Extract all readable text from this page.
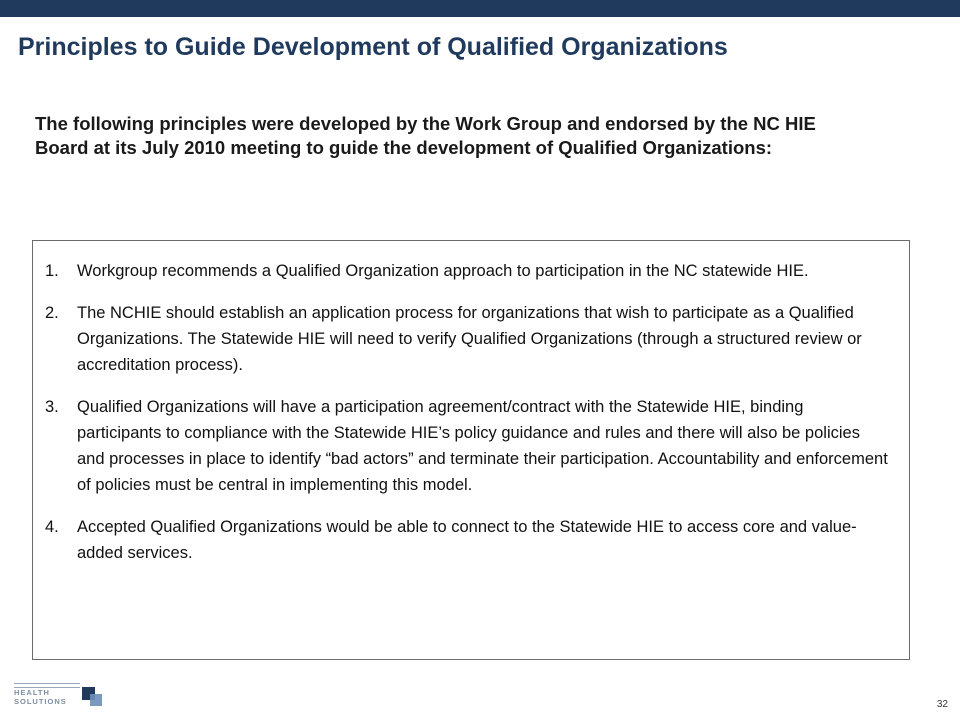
Principles to Guide Development of Qualified Organizations

The following principles were developed by the Work Group and endorsed by the NC HIE Board at its July 2010 meeting to guide the development of Qualified Organizations:

1.	Workgroup recommends a Qualified Organization approach to participation in the NC statewide HIE.
2.	The NCHIE should establish an application process for organizations that wish to participate as a Qualified Organizations. The Statewide HIE will need to verify Qualified Organizations (through a structured review or accreditation process).
3.	Qualified Organizations will have a participation agreement/contract with the Statewide HIE, binding participants to compliance with the Statewide HIE’s policy guidance and rules and there will also be policies and processes in place to identify “bad actors” and terminate their participation. Accountability and enforcement of policies must be central in implementing this model.
4.	Accepted Qualified Organizations would be able to connect to the Statewide HIE to access core and value-added services.
HEALTH
SOLUTIONS	32
